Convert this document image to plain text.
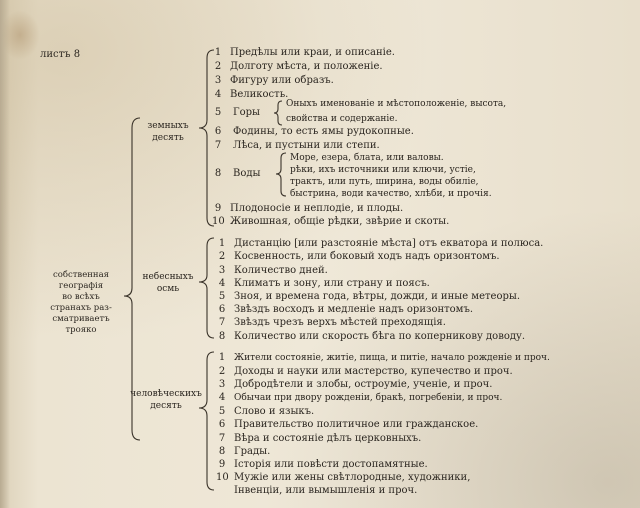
листъ 8
собственная
географія
во всѣхъ
странахъ раз-
сматриваетъ
трояко
земныхъ
десять
небесныхъ
осмь
человѣческихъ
десять
1 Предѣлы или краи, и описаніе.
2 Долготу мѣста, и положеніе.
3 Фигуру или образъ.
4 Великость.
5 Горы
Оныхъ именованіе и мѣстоположеніе, высота,
свойства и содержаніе.
6 Фодины, то есть ямы рудокопные.
7 Лѣса, и пустыни или степи.
8 Воды
Море, езера, блата, или валовы.
рѣки, ихъ источники или ключи, устіе,
трактъ, или путь, ширина, воды обиліе,
быстрина, води качество, хлѣби, и прочія.
9 Плодоносіе и неплодіе, и плоды.
10 Живошная, общіе рѣдки, звѣрие и скоты.
1 Дистанцію [или разстояніе мѣста] отъ екватора и полюса.
2 Косвенность, или боковый ходъ надъ оризонтомъ.
3 Количество дней.
4 Климатъ и зону, или страну и поясъ.
5 Зноя, и времена года, вѣтры, дожди, и иные метеоры.
6 Звѣздъ восходъ и медленіе надъ оризонтомъ.
7 Звѣздъ чрезъ верхъ мѣстей преходящія.
8 Количество или скорость бѣга по коперникову доводу.
1 Жители состояніе, житіе, пища, и питіе, начало рожденіе и проч.
2 Доходы и науки или мастерство, купечество и проч.
3 Добродѣтели и злобы, остроуміе, ученіе, и проч.
4 Обычаи при двору рожденіи, бракѣ, погребеніи, и проч.
5 Слово и языкъ.
6 Правительство политичное или гражданское.
7 Вѣра и состояніе дѣлъ церковныхъ.
8 Грады.
9 Історія или повѣсти достопамятные.
10 Мужіе или жены свѣтлородные, художники,
Інвенціи, или вымышленія и проч.
